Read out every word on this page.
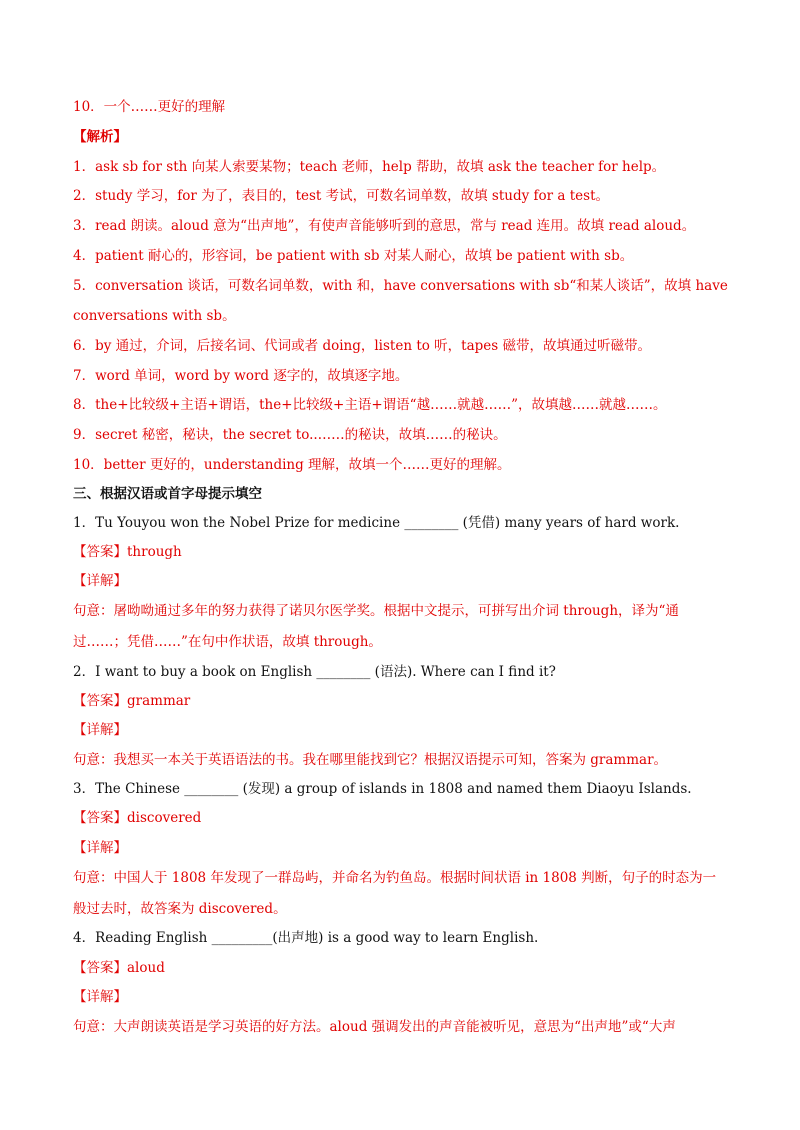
10．一个……更好的理解
【解析】
1．ask sb for sth 向某人索要某物；teach 老师，help 帮助，故填 ask the teacher for help。
2．study 学习，for 为了，表目的，test 考试，可数名词单数，故填 study for a test。
3．read 朗读。aloud 意为“出声地”，有使声音能够听到的意思，常与 read 连用。故填 read aloud。
4．patient 耐心的，形容词，be patient with sb 对某人耐心，故填 be patient with sb。
5．conversation 谈话，可数名词单数，with 和，have conversations with sb“和某人谈话”，故填 have
conversations with sb。
6．by 通过，介词，后接名词、代词或者 doing，listen to 听，tapes 磁带，故填通过听磁带。
7．word 单词，word by word 逐字的，故填逐字地。
8．the+比较级+主语+谓语，the+比较级+主语+谓语“越……就越……”，故填越……就越……。
9．secret 秘密，秘诀，the secret to..……的秘诀，故填……的秘诀。
10．better 更好的，understanding 理解，故填一个……更好的理解。
三、根据汉语或首字母提示填空
1．Tu Youyou won the Nobel Prize for medicine ________ (凭借) many years of hard work.
【答案】through
【详解】
句意：屠呦呦通过多年的努力获得了诺贝尔医学奖。根据中文提示，可拼写出介词 through，译为“通
过……；凭借……”在句中作状语，故填 through。
2．I want to buy a book on English ________ (语法). Where can I find it?
【答案】grammar
【详解】
句意：我想买一本关于英语语法的书。我在哪里能找到它？根据汉语提示可知，答案为 grammar。
3．The Chinese ________ (发现) a group of islands in 1808 and named them Diaoyu Islands.
【答案】discovered
【详解】
句意：中国人于 1808 年发现了一群岛屿，并命名为钓鱼岛。根据时间状语 in 1808 判断，句子的时态为一
般过去时，故答案为 discovered。
4．Reading English _________(出声地) is a good way to learn English.
【答案】aloud
【详解】
句意：大声朗读英语是学习英语的好方法。aloud 强调发出的声音能被听见，意思为“出声地”或“大声
